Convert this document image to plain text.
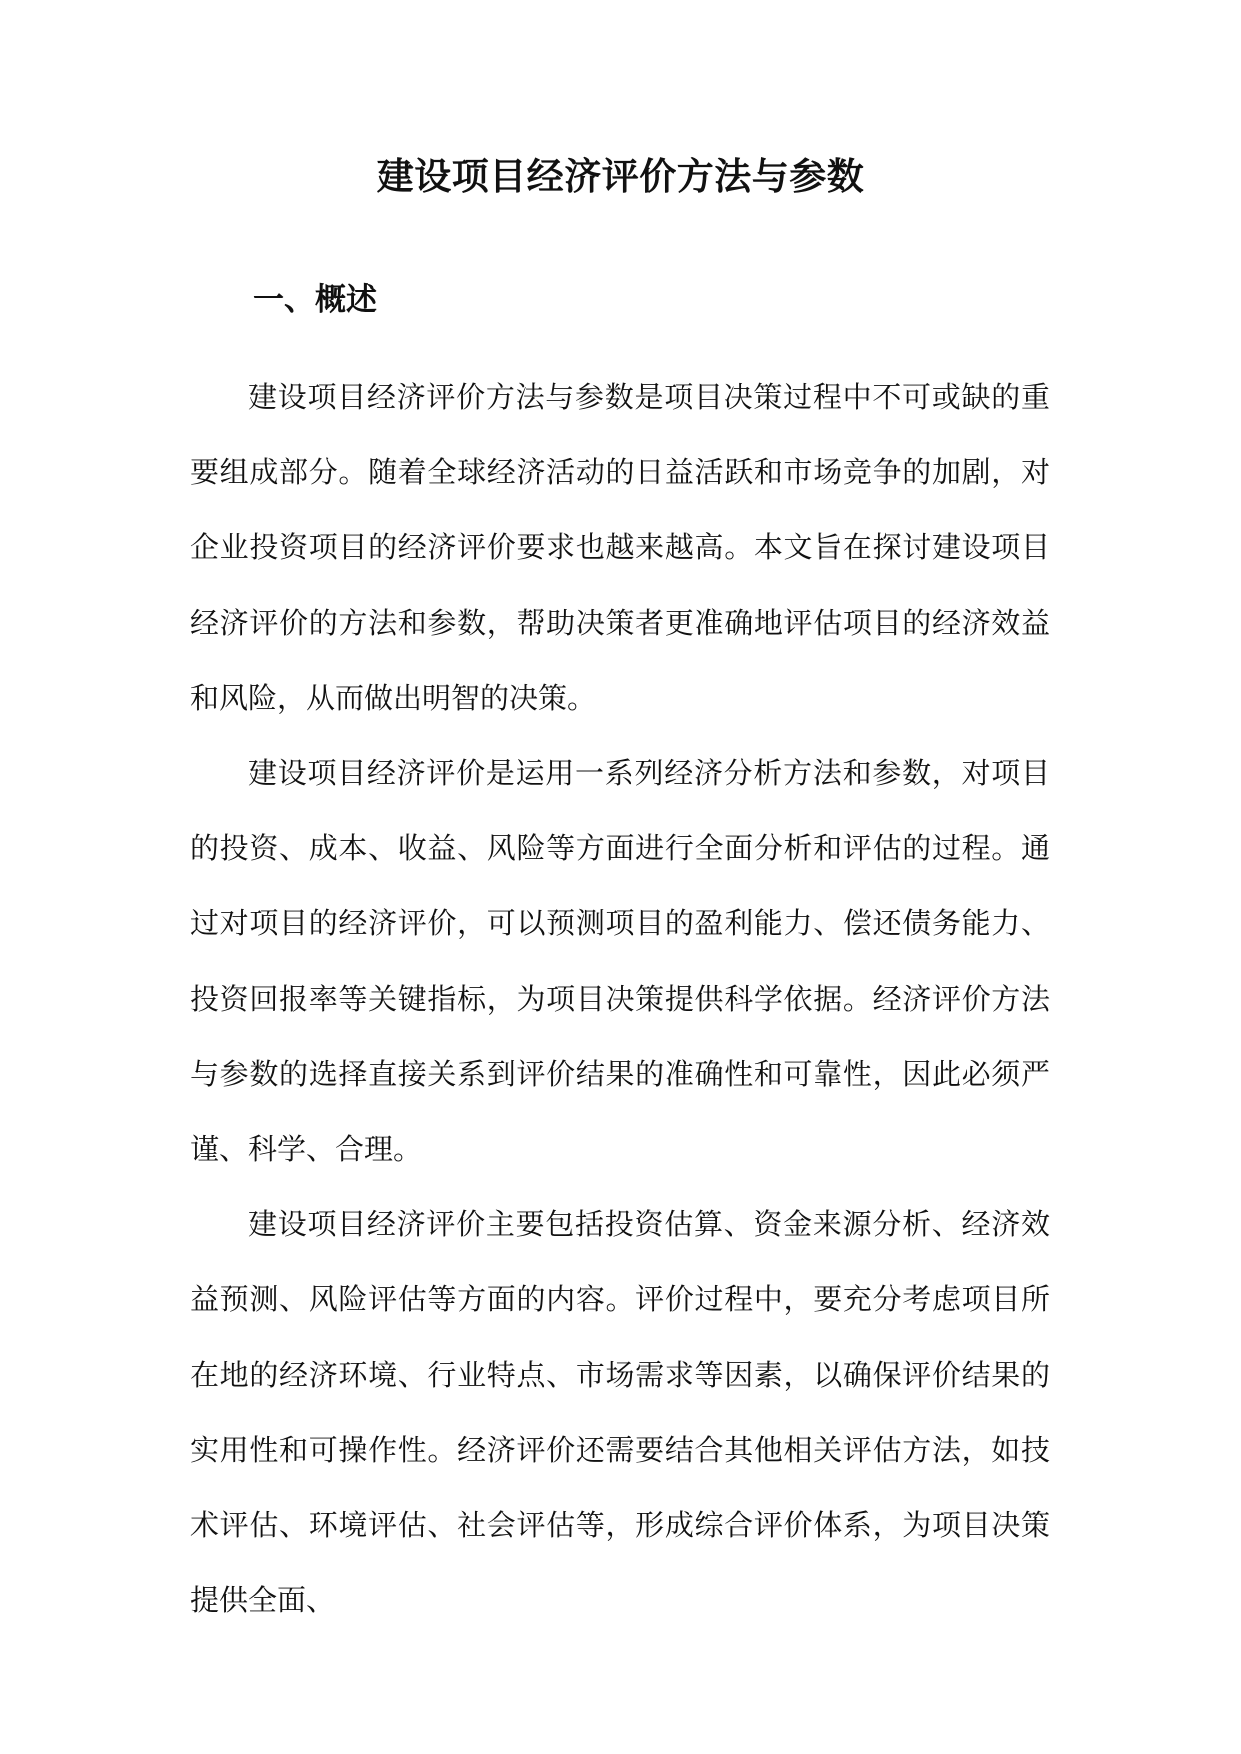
建设项目经济评价方法与参数
一、概述

建设项目经济评价方法与参数是项目决策过程中不可或缺的重要组成部分。随着全球经济活动的日益活跃和市场竞争的加剧，对企业投资项目的经济评价要求也越来越高。本文旨在探讨建设项目经济评价的方法和参数，帮助决策者更准确地评估项目的经济效益和风险，从而做出明智的决策。

建设项目经济评价是运用一系列经济分析方法和参数，对项目的投资、成本、收益、风险等方面进行全面分析和评估的过程。通过对项目的经济评价，可以预测项目的盈利能力、偿还债务能力、投资回报率等关键指标，为项目决策提供科学依据。经济评价方法与参数的选择直接关系到评价结果的准确性和可靠性，因此必须严谨、科学、合理。

建设项目经济评价主要包括投资估算、资金来源分析、经济效益预测、风险评估等方面的内容。评价过程中，要充分考虑项目所在地的经济环境、行业特点、市场需求等因素，以确保评价结果的实用性和可操作性。经济评价还需要结合其他相关评估方法，如技术评估、环境评估、社会评估等，形成综合评价体系，为项目决策提供全面、
